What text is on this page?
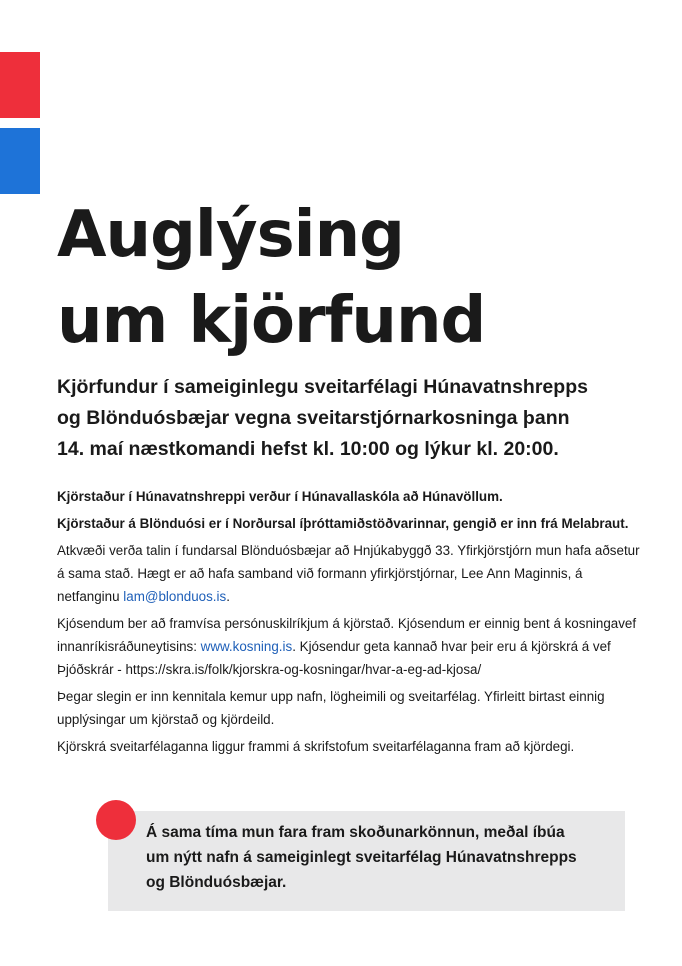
Auglýsing
um kjörfund

Kjörfundur í sameiginlegu sveitarfélagi Húnavatnshrepps
og Blönduósbæjar vegna sveitarstjórnarkosninga þann
14. maí næstkomandi hefst kl. 10:00 og lýkur kl. 20:00.

Kjörstaður í Húnavatnshreppi verður í Húnavallaskóla að Húnavöllum.

Kjörstaður á Blönduósi er í Norðursal íþróttamiðstöðvarinnar, gengið er inn frá Melabraut.

Atkvæði verða talin í fundarsal Blönduósbæjar að Hnjúkabyggð 33. Yfirkjörstjórn mun hafa aðsetur á sama stað. Hægt er að hafa samband við formann yfirkjörstjórnar, Lee Ann Maginnis, á netfanginu lam@blonduos.is.

Kjósendum ber að framvísa persónuskilríkjum á kjörstað. Kjósendum er einnig bent á kosningavef innanríkisráðuneytisins: www.kosning.is. Kjósendur geta kannað hvar þeir eru á kjörskrá á vef Þjóðskrár - https://skra.is/folk/kjorskra-og-kosningar/hvar-a-eg-ad-kjosa/

Þegar slegin er inn kennitala kemur upp nafn, lögheimili og sveitarfélag. Yfirleitt birtast einnig upplýsingar um kjörstað og kjördeild.

Kjörskrá sveitarfélaganna liggur frammi á skrifstofum sveitarfélaganna fram að kjördegi.

Á sama tíma mun fara fram skoðunarkönnun, meðal íbúa
um nýtt nafn á sameiginlegt sveitarfélag Húnavatnshrepps
og Blönduósbæjar.
